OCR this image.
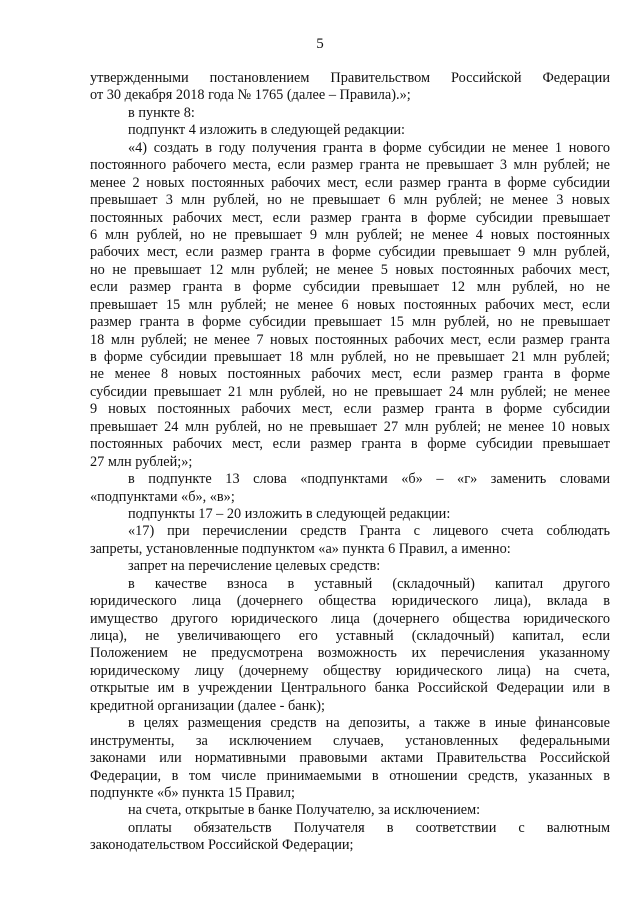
5
утвержденными постановлением Правительством Российской Федерации
от 30 декабря 2018 года № 1765 (далее – Правила).»;
в пункте 8:
подпункт 4 изложить в следующей редакции:
«4) создать в году получения гранта в форме субсидии не менее 1 нового
постоянного рабочего места, если размер гранта не превышает 3 млн рублей; не
менее 2 новых постоянных рабочих мест, если размер гранта в форме субсидии
превышает 3 млн рублей, но не превышает 6 млн рублей; не менее 3 новых
постоянных рабочих мест, если размер гранта в форме субсидии превышает
6 млн рублей, но не превышает 9 млн рублей; не менее 4 новых постоянных
рабочих мест, если размер гранта в форме субсидии превышает 9 млн рублей,
но не превышает 12 млн рублей; не менее 5 новых постоянных рабочих мест,
если размер гранта в форме субсидии превышает 12 млн рублей, но не
превышает 15 млн рублей; не менее 6 новых постоянных рабочих мест, если
размер гранта в форме субсидии превышает 15 млн рублей, но не превышает
18 млн рублей; не менее 7 новых постоянных рабочих мест, если размер гранта
в форме субсидии превышает 18 млн рублей, но не превышает 21 млн рублей;
не менее 8 новых постоянных рабочих мест, если размер гранта в форме
субсидии превышает 21 млн рублей, но не превышает 24 млн рублей; не менее
9 новых постоянных рабочих мест, если размер гранта в форме субсидии
превышает 24 млн рублей, но не превышает 27 млн рублей; не менее 10 новых
постоянных рабочих мест, если размер гранта в форме субсидии превышает
27 млн рублей;»;
в подпункте 13 слова «подпунктами «б» – «г» заменить словами
«подпунктами «б», «в»;
подпункты 17 – 20 изложить в следующей редакции:
«17) при перечислении средств Гранта с лицевого счета соблюдать
запреты, установленные подпунктом «а» пункта 6 Правил, а именно:
запрет на перечисление целевых средств:
в качестве взноса в уставный (складочный) капитал другого
юридического лица (дочернего общества юридического лица), вклада в
имущество другого юридического лица (дочернего общества юридического
лица), не увеличивающего его уставный (складочный) капитал, если
Положением не предусмотрена возможность их перечисления указанному
юридическому лицу (дочернему обществу юридического лица) на счета,
открытые им в учреждении Центрального банка Российской Федерации или в
кредитной организации (далее - банк);
в целях размещения средств на депозиты, а также в иные финансовые
инструменты, за исключением случаев, установленных федеральными
законами или нормативными правовыми актами Правительства Российской
Федерации, в том числе принимаемыми в отношении средств, указанных в
подпункте «б» пункта 15 Правил;
на счета, открытые в банке Получателю, за исключением:
оплаты обязательств Получателя в соответствии с валютным
законодательством Российской Федерации;
